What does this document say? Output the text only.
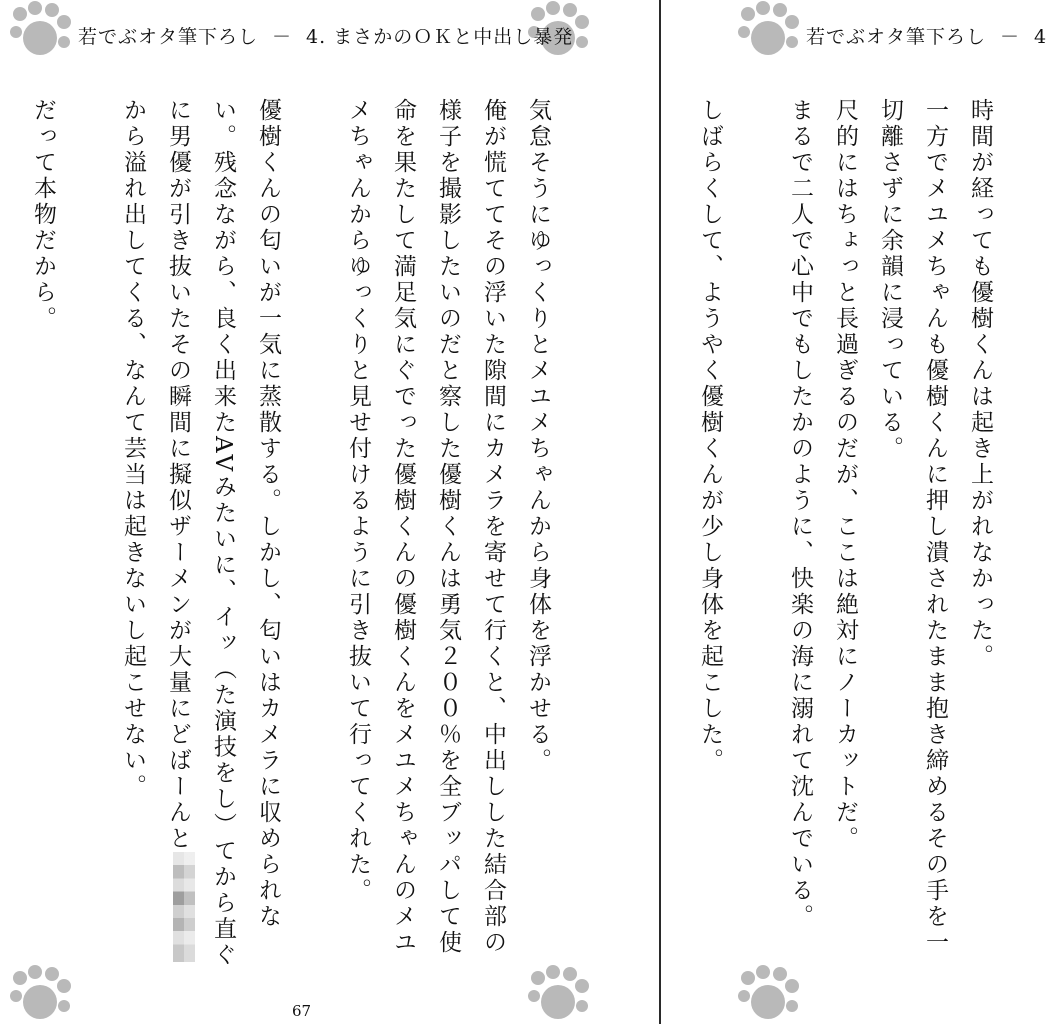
若でぶオタ筆下ろし － 4. まさかのＯＫと中出し暴発

気怠そうにゆっくりとメユメちゃんから身体を浮かせる。

俺が慌ててその浮いた隙間にカメラを寄せて行くと、中出しした結合部の様子を撮影したいのだと察した優樹くんは勇気２００％を全ブッパして使命を果たして満足気にぐでった優樹くんの優樹くんをメユメちゃんのメユメちゃんからゆっくりと見せ付けるように引き抜いて行ってくれた。

優樹くんの匂いが一気に蒸散する。しかし、匂いはカメラに収められない。残念ながら、良く出来たAVみたいに、イッ（た演技をし）てから直ぐに男優が引き抜いたその瞬間に擬似ザーメンが大量にどばーんとから溢れ出してくる、なんて芸当は起きないし起こせない。

だって本物だから。

67
若でぶオタ筆下ろし － 4

時間が経っても優樹くんは起き上がれなかった。

一方でメユメちゃんも優樹くんに押し潰されたまま抱き締めるその手を一切離さずに余韻に浸っている。

尺的にはちょっと長過ぎるのだが、ここは絶対にノーカットだ。

まるで二人で心中でもしたかのように、快楽の海に溺れて沈んでいる。

しばらくして、ようやく優樹くんが少し身体を起こした。
